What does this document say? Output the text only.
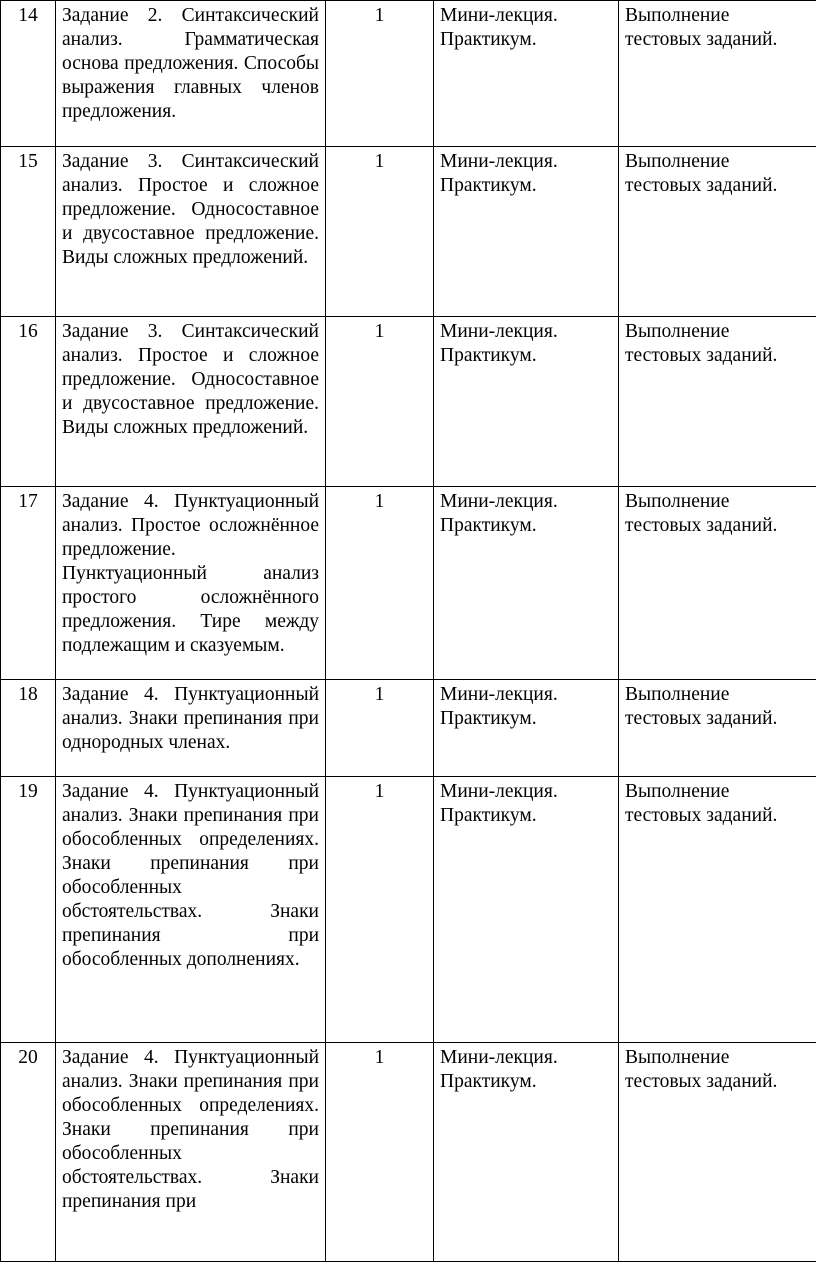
14	Задание 2. Синтаксический анализ. Грамматическая основа предложения. Способы выражения главных членов предложения.	1	Мини-лекция. Практикум.	Выполнение тестовых заданий.
15	Задание 3. Синтаксический анализ. Простое и сложное предложение. Односоставное и двусоставное предложение. Виды сложных предложений.	1	Мини-лекция. Практикум.	Выполнение тестовых заданий.
16	Задание 3. Синтаксический анализ. Простое и сложное предложение. Односоставное и двусоставное предложение. Виды сложных предложений.	1	Мини-лекция. Практикум.	Выполнение тестовых заданий.
17	Задание 4. Пунктуационный анализ. Простое осложнённое предложение. Пунктуационный анализ простого осложнённого предложения. Тире между подлежащим и сказуемым.	1	Мини-лекция. Практикум.	Выполнение тестовых заданий.
18	Задание 4. Пунктуационный анализ. Знаки препинания при однородных членах.	1	Мини-лекция. Практикум.	Выполнение тестовых заданий.
19	Задание 4. Пунктуационный анализ. Знаки препинания при обособленных определениях. Знаки препинания при обособленных обстоятельствах. Знаки препинания при обособленных дополнениях.	1	Мини-лекция. Практикум.	Выполнение тестовых заданий.
20	Задание 4. Пунктуационный анализ. Знаки препинания при обособленных определениях. Знаки препинания при обособленных обстоятельствах. Знаки препинания при	1	Мини-лекция. Практикум.	Выполнение тестовых заданий.
